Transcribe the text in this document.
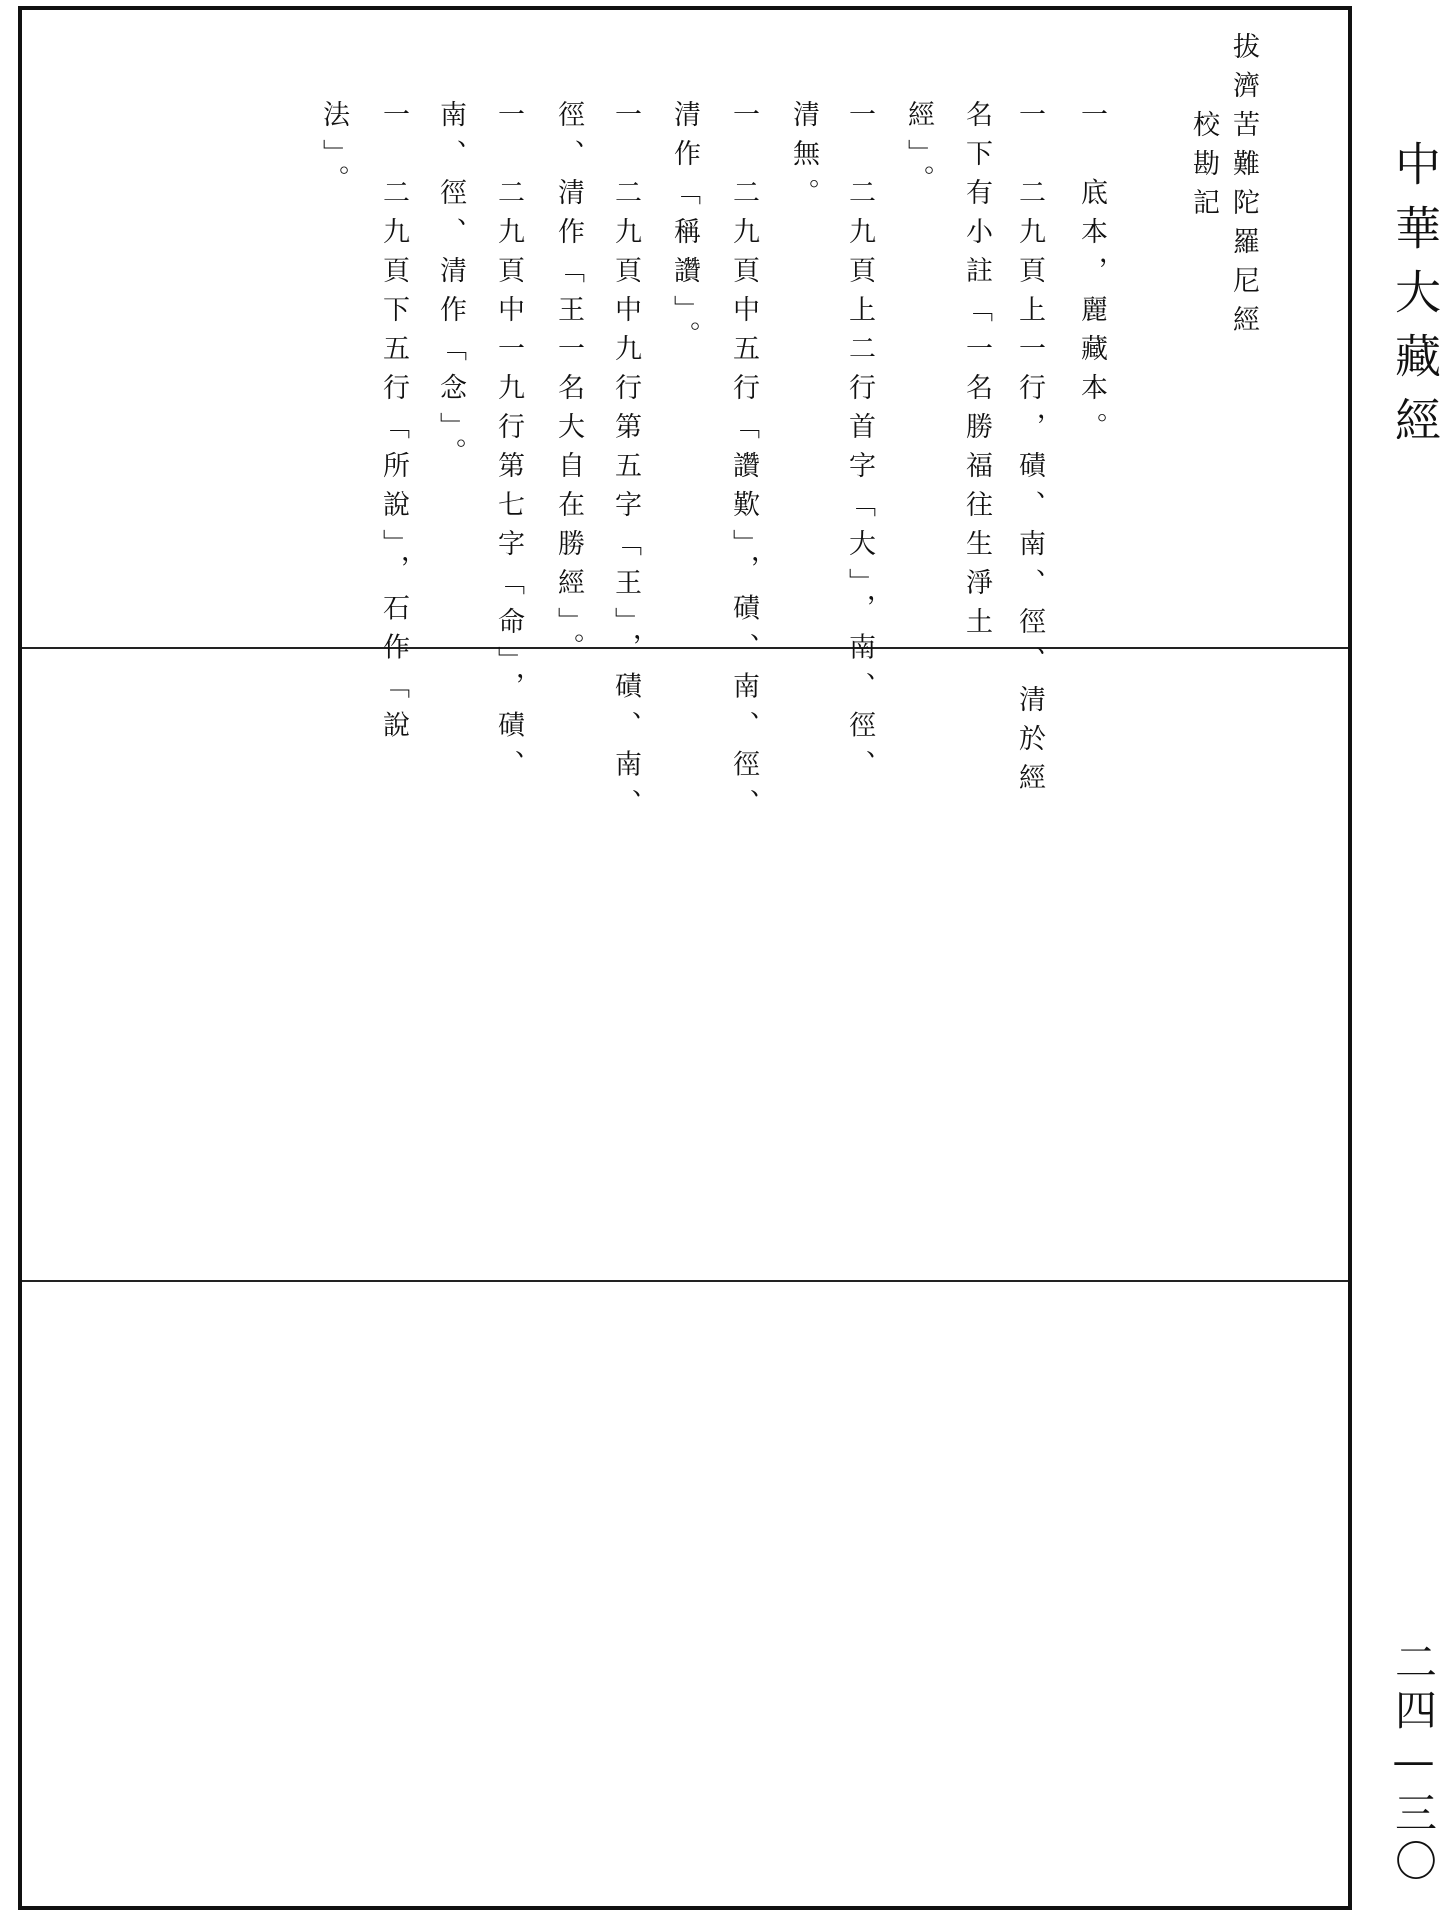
拔濟苦難陀羅尼經
校勘記
一　底本，麗藏本。
一　二九頁上一行，磧、南、徑、清於經
名下有小註「一名勝福往生淨土
經」。
一　二九頁上二行首字「大」，南、徑、
清無。
一　二九頁中五行「讚歎」，磧、南、徑、
清作「稱讚」。
一　二九頁中九行第五字「王」，磧、南、
徑、清作「王一名大自在勝經」。
一　二九頁中一九行第七字「命」，磧、
南、徑、清作「念」。
一　二九頁下五行「所說」，石作「說
法」。	中華大藏經
二四—三〇
